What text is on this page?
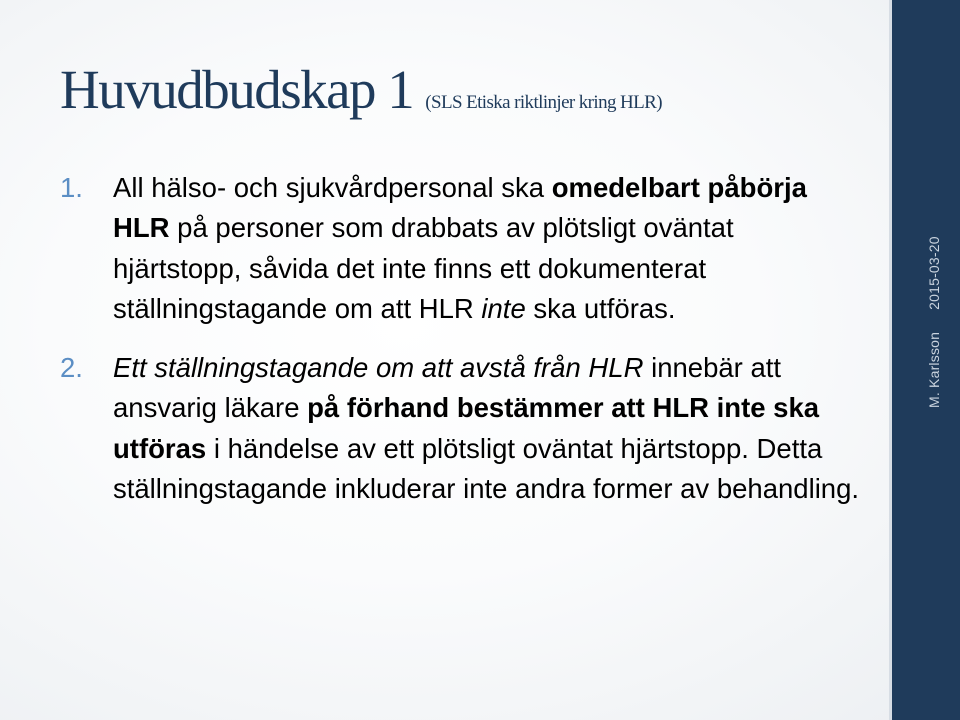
M. Karlsson2015-03-20
Huvudbudskap 1 (SLS Etiska riktlinjer kring HLR)
1.	All hälso- och sjukvårdpersonal ska omedelbart påbörja HLR på personer som drabbats av plötsligt oväntat hjärtstopp, såvida det inte finns ett dokumenterat ställningstagande om att HLR inte ska utföras.
2.	Ett ställningstagande om att avstå från HLR innebär att ansvarig läkare på förhand bestämmer att HLR inte ska utföras i händelse av ett plötsligt oväntat hjärtstopp. Detta ställningstagande inkluderar inte andra former av behandling.
